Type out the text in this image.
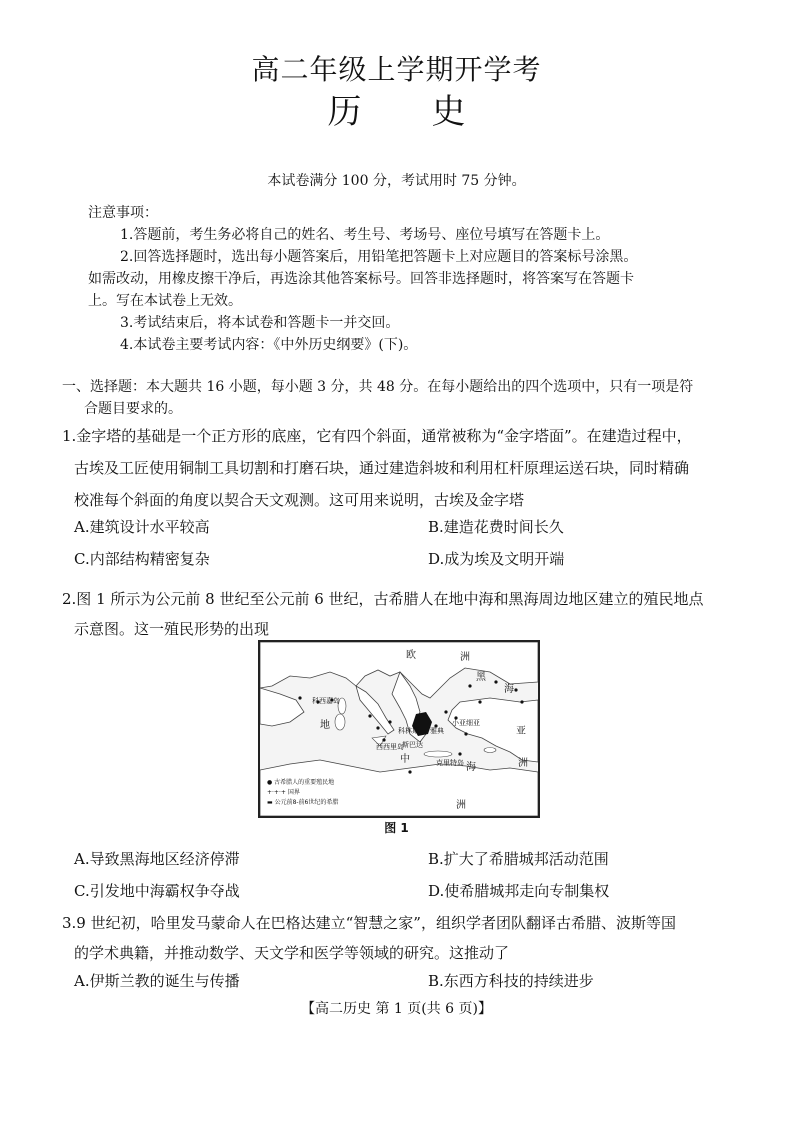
高二年级上学期开学考
历史
本试卷满分 100 分，考试用时 75 分钟。
注意事项：
1.答题前，考生务必将自己的姓名、考生号、考场号、座位号填写在答题卡上。
2.回答选择题时，选出每小题答案后，用铅笔把答题卡上对应题目的答案标号涂黑。
如需改动，用橡皮擦干净后，再选涂其他答案标号。回答非选择题时，将答案写在答题卡
上。写在本试卷上无效。
3.考试结束后，将本试卷和答题卡一并交回。
4.本试卷主要考试内容：《中外历史纲要》(下)。
一、选择题：本大题共 16 小题，每小题 3 分，共 48 分。在每小题给出的四个选项中，只有一项是符
合题目要求的。
1.金字塔的基础是一个正方形的底座，它有四个斜面，通常被称为“金字塔面”。在建造过程中，
古埃及工匠使用铜制工具切割和打磨石块，通过建造斜坡和利用杠杆原理运送石块，同时精确
校准每个斜面的角度以契合天文观测。这可用来说明，古埃及金字塔
A.建筑设计水平较高	B.建造花费时间长久
C.内部结构精密复杂	D.成为埃及文明开端
2.图 1 所示为公元前 8 世纪至公元前 6 世纪，古希腊人在地中海和黑海周边地区建立的殖民地点
示意图。这一殖民形势的出现
欧	洲
黑
海
亚
洲
地
中
海
洲
科西嘉岛
西西里岛
克里特岛
斯巴达
雅典
科林斯
小亚细亚
● 古希腊人的重要殖民地
+·+·+ 国界
▬ 公元前8-前6世纪的希腊
图 1
A.导致黑海地区经济停滞	B.扩大了希腊城邦活动范围
C.引发地中海霸权争夺战	D.使希腊城邦走向专制集权
3.9 世纪初，哈里发马蒙命人在巴格达建立“智慧之家”，组织学者团队翻译古希腊、波斯等国
的学术典籍，并推动数学、天文学和医学等领域的研究。这推动了
A.伊斯兰教的诞生与传播	B.东西方科技的持续进步
【高二历史 第 1 页(共 6 页)】
